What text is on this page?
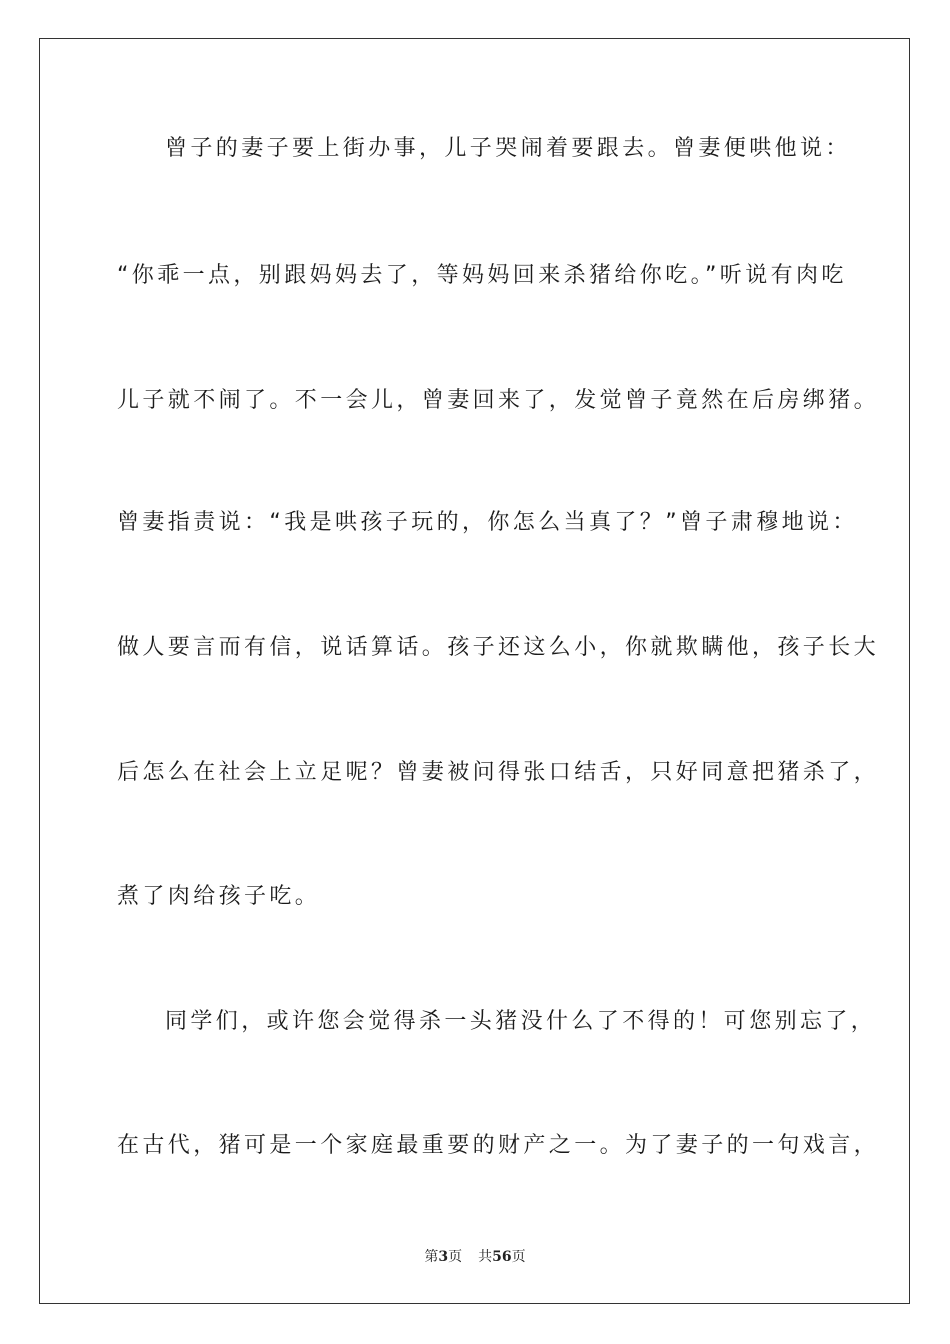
曾子的妻子要上街办事，儿子哭闹着要跟去。曾妻便哄他说：
“你乖一点，别跟妈妈去了，等妈妈回来杀猪给你吃。”听说有肉吃
儿子就不闹了。不一会儿，曾妻回来了，发觉曾子竟然在后房绑猪。
曾妻指责说：“我是哄孩子玩的，你怎么当真了？”曾子肃穆地说：
做人要言而有信，说话算话。孩子还这么小，你就欺瞒他，孩子长大
后怎么在社会上立足呢？曾妻被问得张口结舌，只好同意把猪杀了，
煮了肉给孩子吃。
同学们，或许您会觉得杀一头猪没什么了不得的！可您别忘了，
在古代，猪可是一个家庭最重要的财产之一。为了妻子的一句戏言，
第3页 共56页
